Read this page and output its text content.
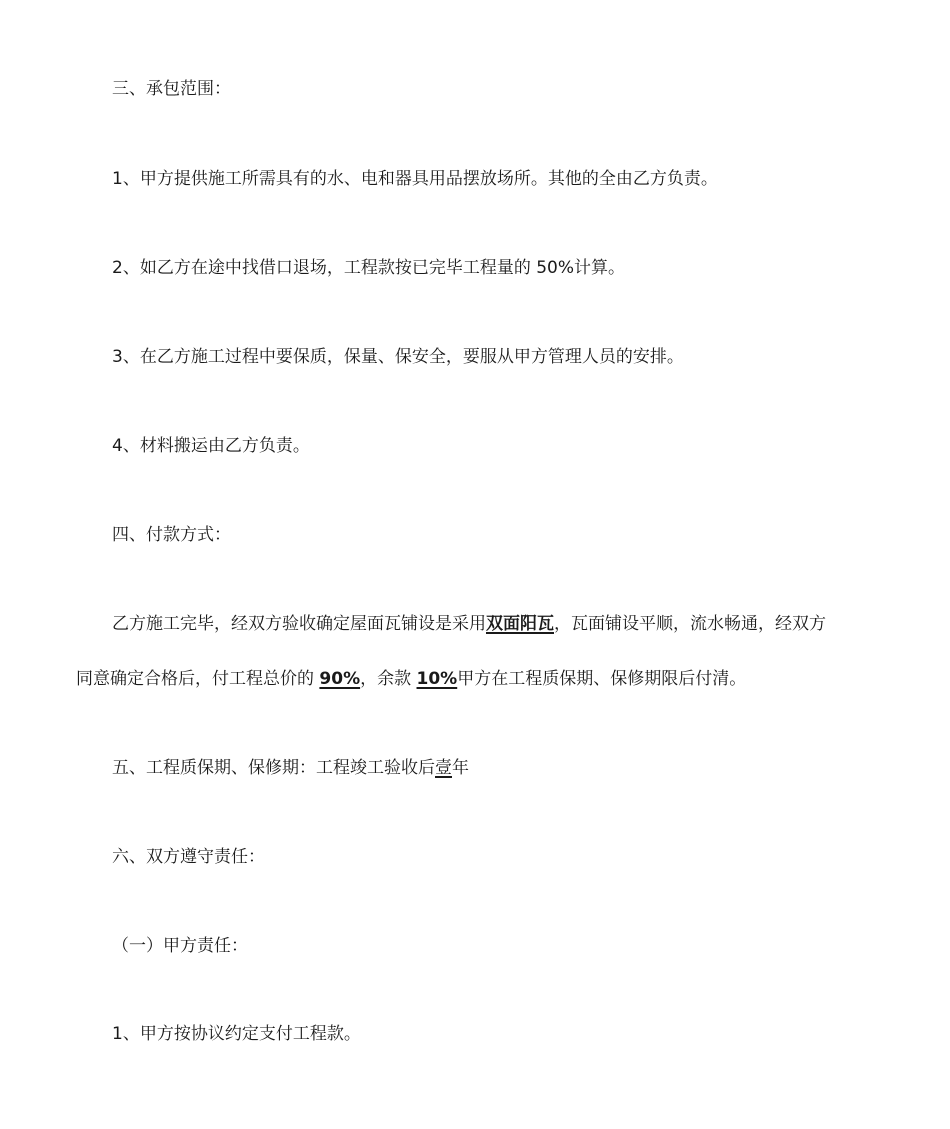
三、承包范围：
1、甲方提供施工所需具有的水、电和器具用品摆放场所。其他的全由乙方负责。
2、如乙方在途中找借口退场，工程款按已完毕工程量的 50%计算。
3、在乙方施工过程中要保质，保量、保安全，要服从甲方管理人员的安排。
4、材料搬运由乙方负责。
四、付款方式：
乙方施工完毕，经双方验收确定屋面瓦铺设是采用双面阳瓦，瓦面铺设平顺，流水畅通，经双方
同意确定合格后，付工程总价的 90%，余款 10%甲方在工程质保期、保修期限后付清。
五、工程质保期、保修期：工程竣工验收后壹年
六、双方遵守责任：
（一）甲方责任：
1、甲方按协议约定支付工程款。
